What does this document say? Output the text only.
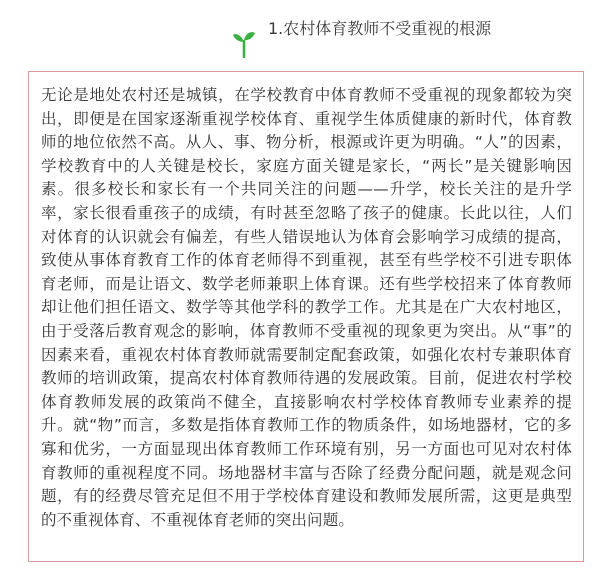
1.农村体育教师不受重视的根源

无论是地处农村还是城镇，在学校教育中体育教师不受重视的现象都较为突出，即便是在国家逐渐重视学校体育、重视学生体质健康的新时代，体育教师的地位依然不高。从人、事、物分析，根源或许更为明确。“人”的因素，学校教育中的人关键是校长，家庭方面关键是家长，“两长”是关键影响因素。很多校长和家长有一个共同关注的问题——升学，校长关注的是升学率，家长很看重孩子的成绩，有时甚至忽略了孩子的健康。长此以往，人们对体育的认识就会有偏差，有些人错误地认为体育会影响学习成绩的提高，致使从事体育教育工作的体育老师得不到重视，甚至有些学校不引进专职体育老师，而是让语文、数学老师兼职上体育课。还有些学校招来了体育教师却让他们担任语文、数学等其他学科的教学工作。尤其是在广大农村地区，由于受落后教育观念的影响，体育教师不受重视的现象更为突出。从“事”的因素来看，重视农村体育教师就需要制定配套政策，如强化农村专兼职体育教师的培训政策，提高农村体育教师待遇的发展政策。目前，促进农村学校体育教师发展的政策尚不健全，直接影响农村学校体育教师专业素养的提升。就“物”而言，多数是指体育教师工作的物质条件，如场地器材，它的多寡和优劣，一方面显现出体育教师工作环境有别，另一方面也可见对农村体育教师的重视程度不同。场地器材丰富与否除了经费分配问题，就是观念问题，有的经费尽管充足但不用于学校体育建设和教师发展所需，这更是典型的不重视体育、不重视体育老师的突出问题。
